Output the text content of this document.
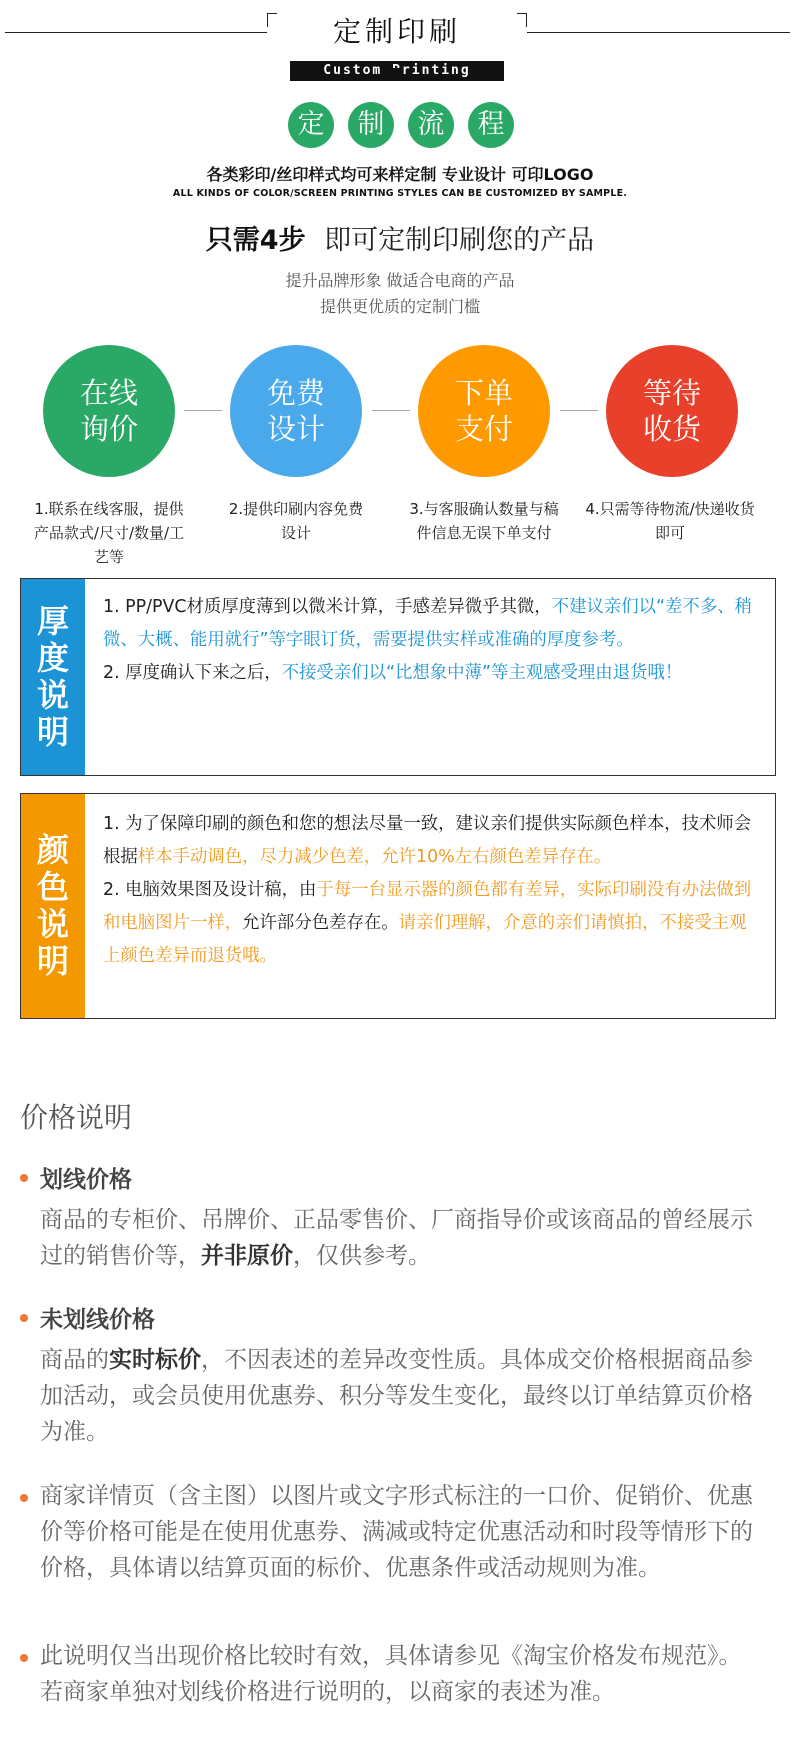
定制印刷
Custom Printing
定	制	流	程
各类彩印/丝印样式均可来样定制 专业设计 可印LOGO
ALL KINDS OF COLOR/SCREEN PRINTING STYLES CAN BE CUSTOMIZED BY SAMPLE.
只需4步 即可定制印刷您的产品
提升品牌形象 做适合电商的产品
提供更优质的定制门槛
在线
询价
免费
设计
下单
支付
等待
收货
1.联系在线客服，提供产品款式/尺寸/数量/工艺等
2.提供印刷内容免费设计
3.与客服确认数量与稿件信息无误下单支付
4.只需等待物流/快递收货即可
厚
度
说
明
1. PP/PVC材质厚度薄到以微米计算，手感差异微乎其微，不建议亲们以“差不多、稍微、大概、能用就行”等字眼订货，需要提供实样或准确的厚度参考。
2. 厚度确认下来之后，不接受亲们以“比想象中薄”等主观感受理由退货哦！
颜
色
说
明
1. 为了保障印刷的颜色和您的想法尽量一致，建议亲们提供实际颜色样本，技术师会根据样本手动调色，尽力减少色差，允许10%左右颜色差异存在。
2. 电脑效果图及设计稿，由于每一台显示器的颜色都有差异，实际印刷没有办法做到和电脑图片一样，允许部分色差存在。请亲们理解，介意的亲们请慎拍，不接受主观上颜色差异而退货哦。
价格说明
划线价格
商品的专柜价、吊牌价、正品零售价、厂商指导价或该商品的曾经展示过的销售价等，并非原价，仅供参考。
未划线价格
商品的实时标价，不因表述的差异改变性质。具体成交价格根据商品参加活动，或会员使用优惠券、积分等发生变化，最终以订单结算页价格为准。
商家详情页（含主图）以图片或文字形式标注的一口价、促销价、优惠价等价格可能是在使用优惠券、满减或特定优惠活动和时段等情形下的价格，具体请以结算页面的标价、优惠条件或活动规则为准。
此说明仅当出现价格比较时有效，具体请参见《淘宝价格发布规范》。若商家单独对划线价格进行说明的，以商家的表述为准。
